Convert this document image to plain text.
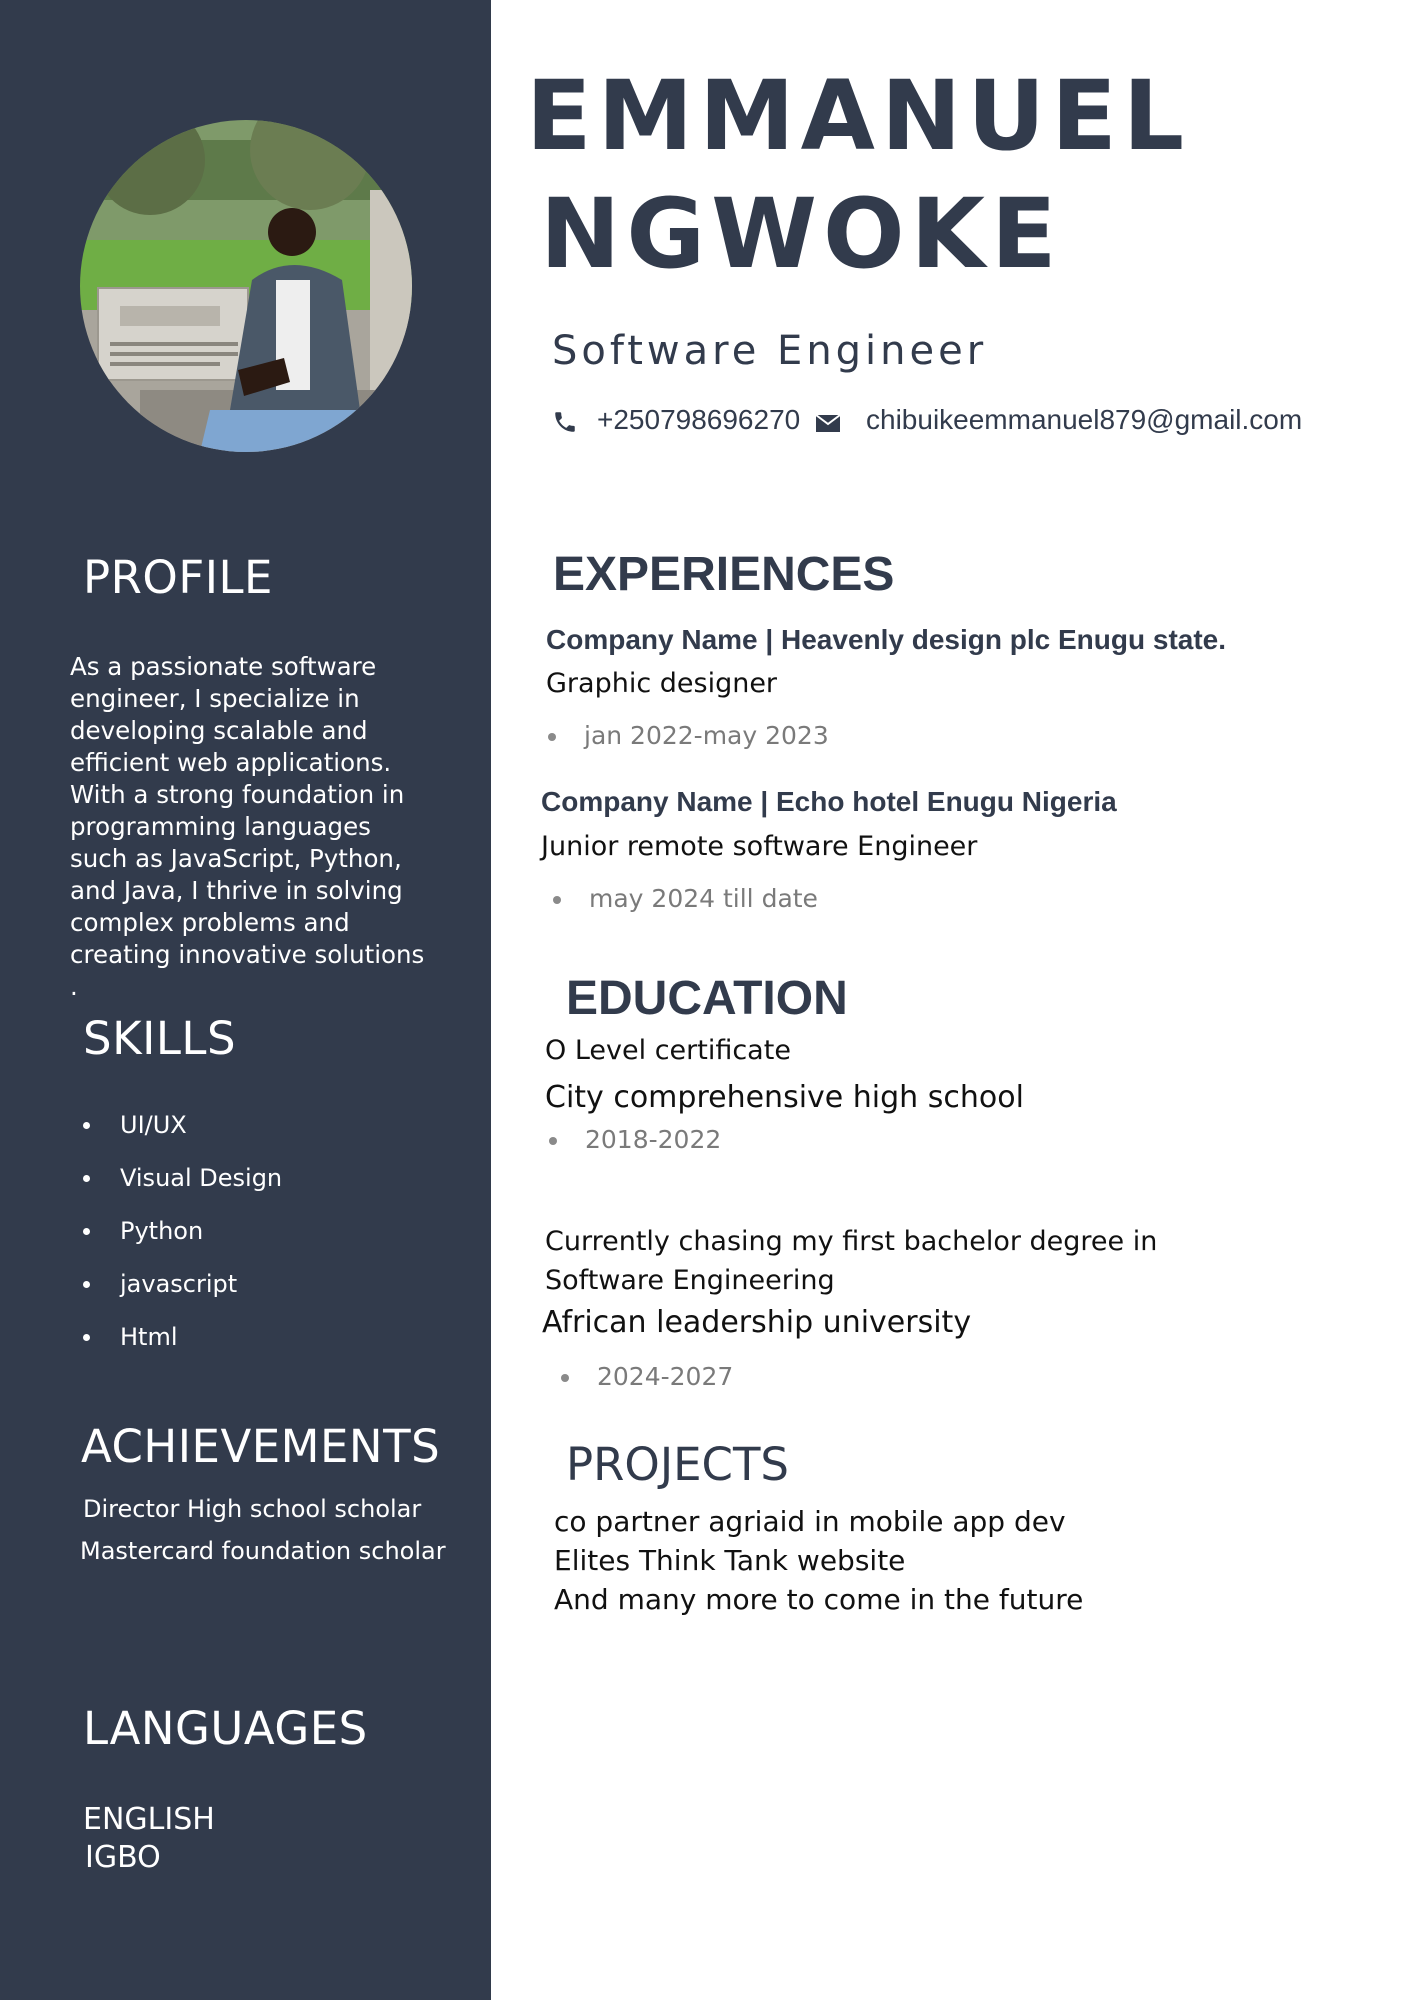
PROFILE

As a passionate software engineer, I specialize in developing scalable and efficient web applications. With a strong foundation in programming languages such as JavaScript, Python, and Java, I thrive in solving complex problems and creating innovative solutions .

SKILLS
UI/UX
Visual Design
Python
javascript
Html
ACHIEVEMENTS
Director High school scholar
Mastercard foundation scholar
LANGUAGES
ENGLISH
IGBO
EMMANUEL
NGWOKE
Software Engineer
+250798696270 chibuikeemmanuel879@gmail.com
EXPERIENCES
Company Name | Heavenly design plc Enugu state.
Graphic designer
jan 2022-may 2023
Company Name | Echo hotel Enugu Nigeria
Junior remote software Engineer
may 2024 till date
EDUCATION
O Level certificate
City comprehensive high school
2018-2022
Currently chasing my first bachelor degree in
Software Engineering
African leadership university
2024-2027
PROJECTS
co partner agriaid in mobile app dev
Elites Think Tank website
And many more to come in the future
